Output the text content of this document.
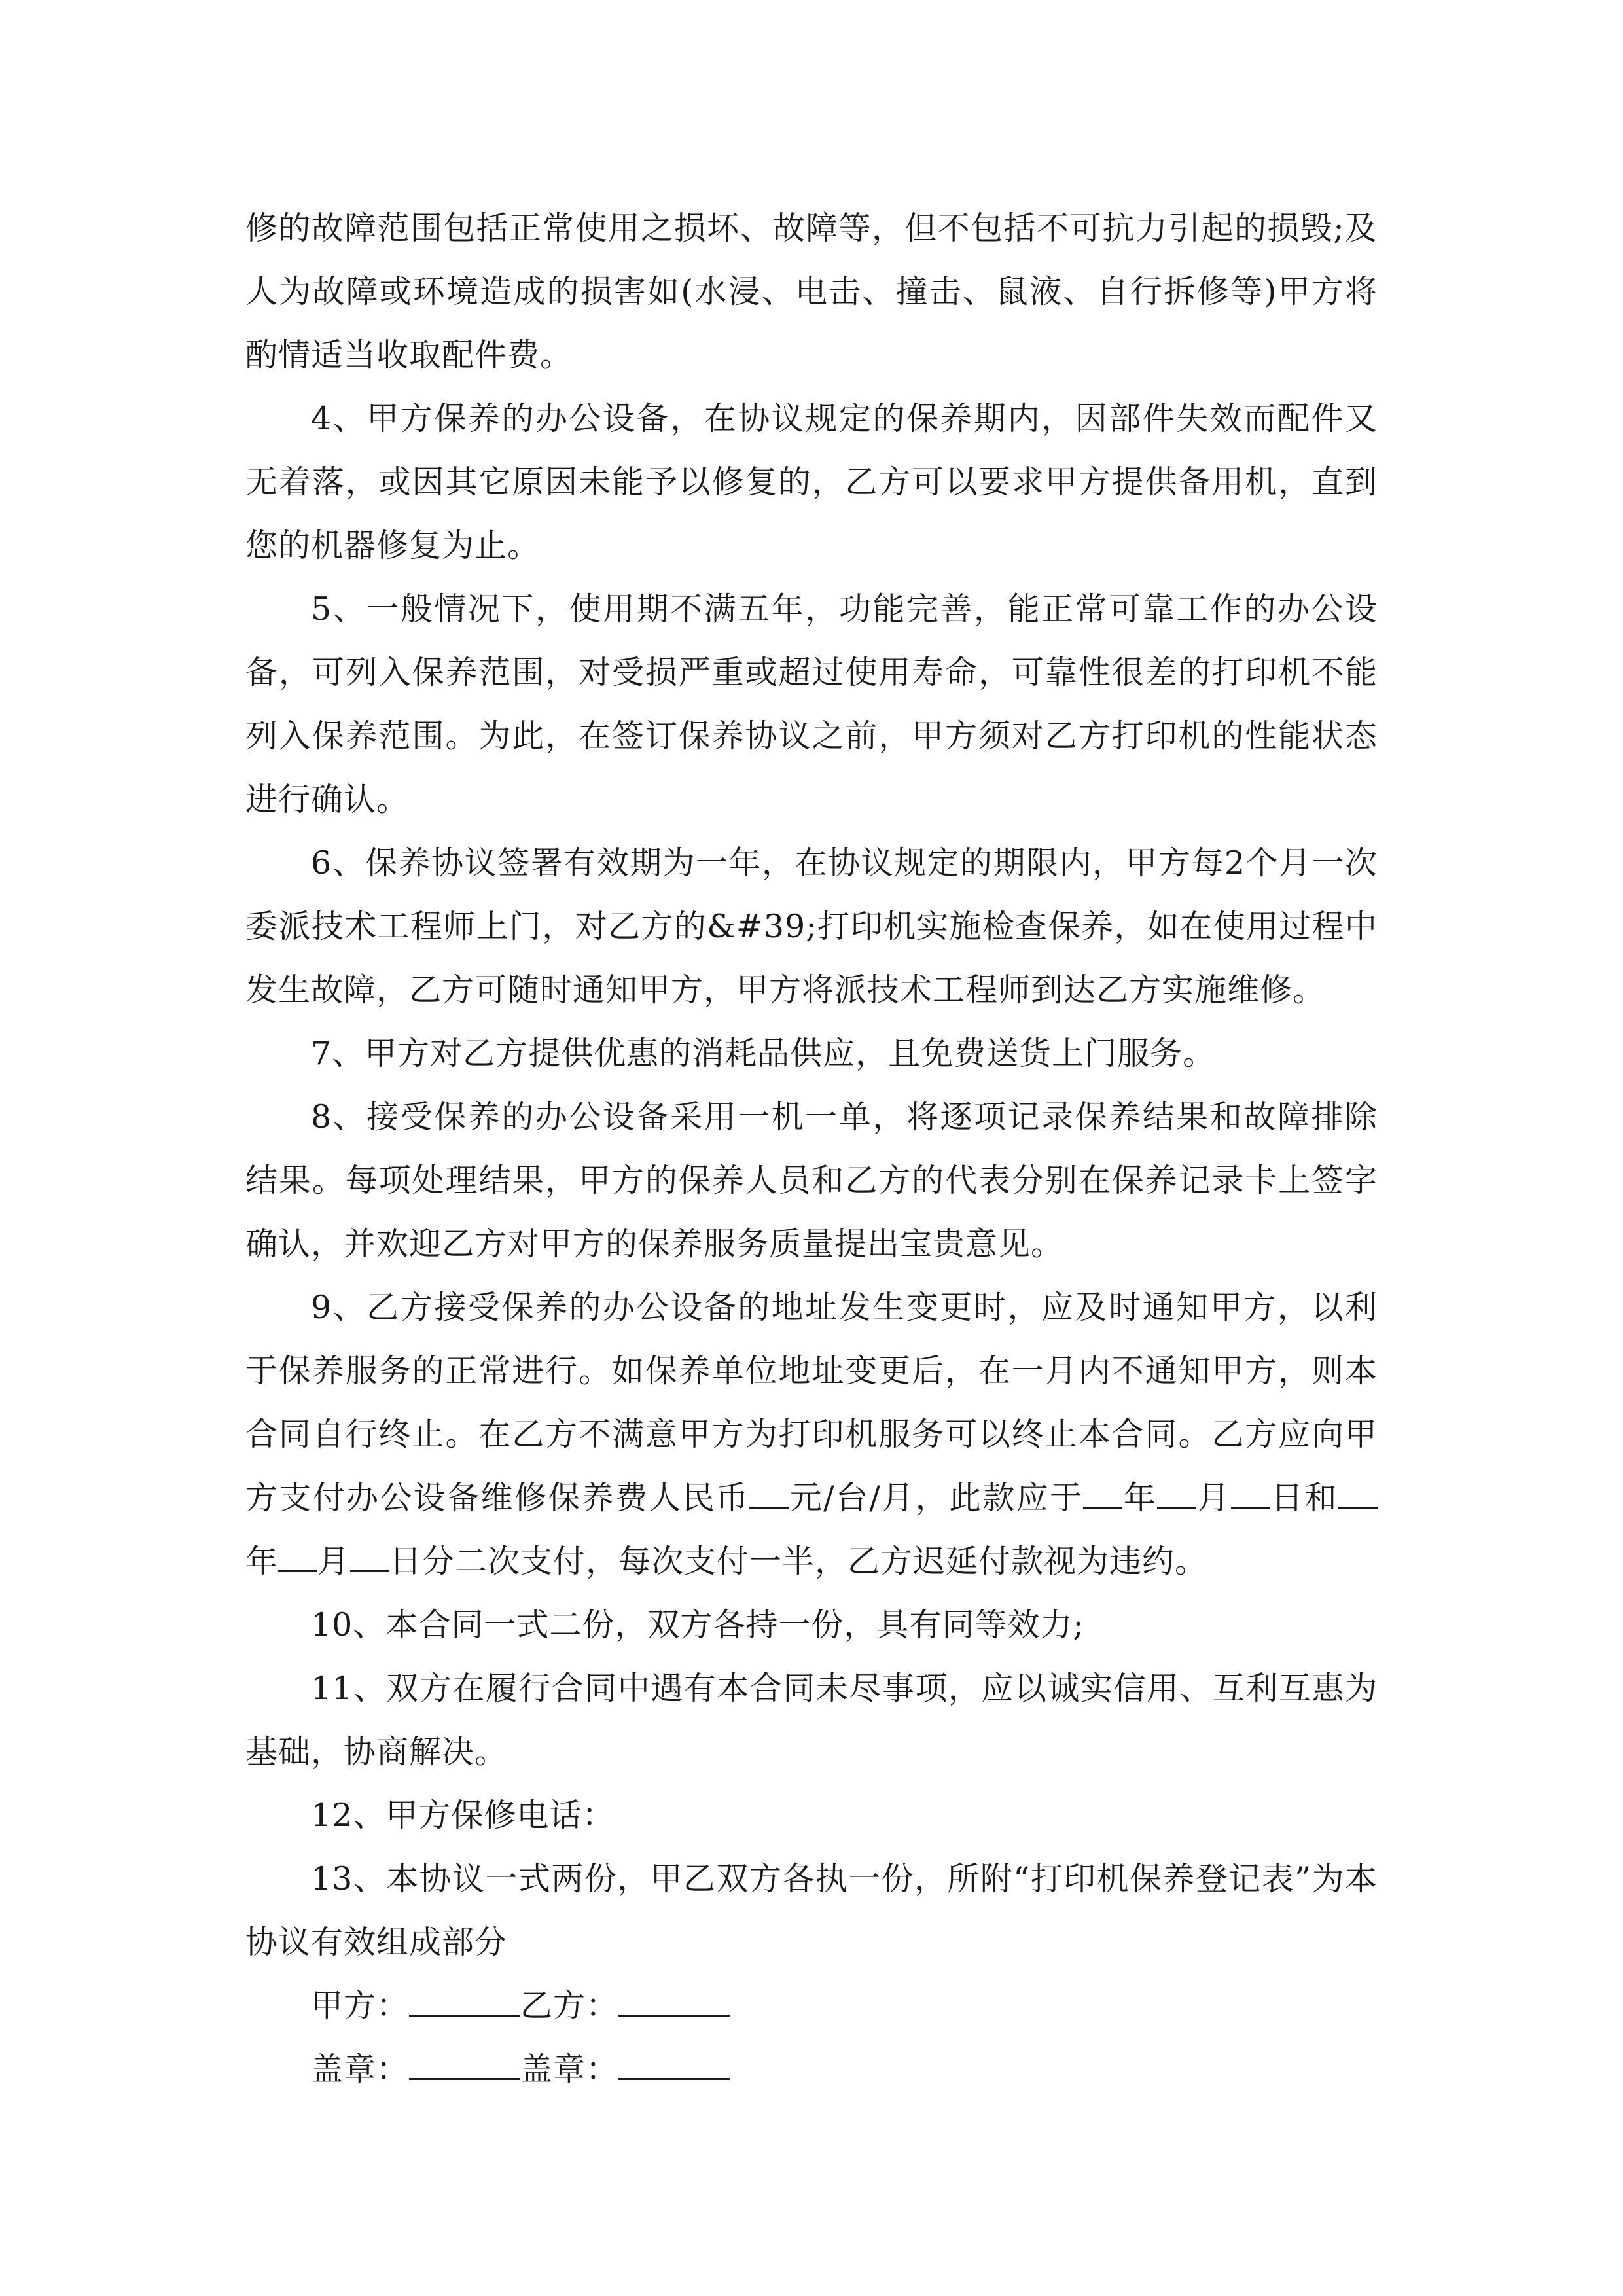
修的故障范围包括正常使用之损坏、故障等，但不包括不可抗力引起的损毁;及人为故障或环境造成的损害如(水浸、电击、撞击、鼠液、自行拆修等)甲方将酌情适当收取配件费。

4、甲方保养的办公设备，在协议规定的保养期内，因部件失效而配件又无着落，或因其它原因未能予以修复的，乙方可以要求甲方提供备用机，直到您的机器修复为止。

5、一般情况下，使用期不满五年，功能完善，能正常可靠工作的办公设备，可列入保养范围，对受损严重或超过使用寿命，可靠性很差的打印机不能列入保养范围。为此，在签订保养协议之前，甲方须对乙方打印机的性能状态进行确认。

6、保养协议签署有效期为一年，在协议规定的期限内，甲方每2个月一次委派技术工程师上门，对乙方的&#39;打印机实施检查保养，如在使用过程中发生故障，乙方可随时通知甲方，甲方将派技术工程师到达乙方实施维修。

7、甲方对乙方提供优惠的消耗品供应，且免费送货上门服务。

8、接受保养的办公设备采用一机一单，将逐项记录保养结果和故障排除结果。每项处理结果，甲方的保养人员和乙方的代表分别在保养记录卡上签字确认，并欢迎乙方对甲方的保养服务质量提出宝贵意见。

9、乙方接受保养的办公设备的地址发生变更时，应及时通知甲方，以利于保养服务的正常进行。如保养单位地址变更后，在一月内不通知甲方，则本合同自行终止。在乙方不满意甲方为打印机服务可以终止本合同。乙方应向甲方支付办公设备维修保养费人民币 元/台/月，此款应于 年 月 日和年 月 日分二次支付，每次支付一半，乙方迟延付款视为违约。

10、本合同一式二份，双方各持一份，具有同等效力;

11、双方在履行合同中遇有本合同未尽事项，应以诚实信用、互利互惠为基础，协商解决。

12、甲方保修电话：

13、本协议一式两份，甲乙双方各执一份，所附“打印机保养登记表”为本协议有效组成部分

甲方：	乙方：

盖章：	盖章：
